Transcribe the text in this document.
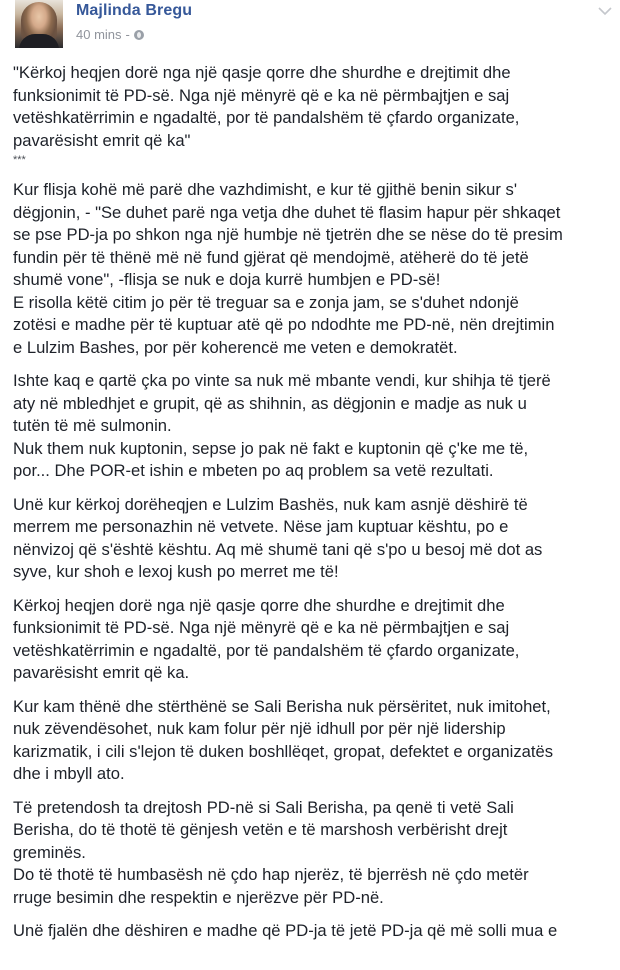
Majlinda Bregu
40 mins -
"Kërkoj heqjen dorë nga një qasje qorre dhe shurdhe e drejtimit dhe
funksionimit të PD-së. Nga një mënyrë që e ka në përmbajtjen e saj
vetëshkatërrimin e ngadaltë, por të pandalshëm të çfardo organizate,
pavarësisht emrit që ka"
***
Kur flisja kohë më parë dhe vazhdimisht, e kur të gjithë benin sikur s'
dëgjonin, - "Se duhet parë nga vetja dhe duhet të flasim hapur për shkaqet
se pse PD-ja po shkon nga një humbje në tjetrën dhe se nëse do të presim
fundin për të thënë më në fund gjërat që mendojmë, atëherë do të jetë
shumë vone", -flisja se nuk e doja kurrë humbjen e PD-së!
E risolla këtë citim jo për të treguar sa e zonja jam, se s'duhet ndonjë
zotësi e madhe për të kuptuar atë që po ndodhte me PD-në, nën drejtimin
e Lulzim Bashes, por për koherencë me veten e demokratët.
Ishte kaq e qartë çka po vinte sa nuk më mbante vendi, kur shihja të tjerë
aty në mbledhjet e grupit, që as shihnin, as dëgjonin e madje as nuk u
tutën të më sulmonin.
Nuk them nuk kuptonin, sepse jo pak në fakt e kuptonin që ç'ke me të,
por... Dhe POR-et ishin e mbeten po aq problem sa vetë rezultati.
Unë kur kërkoj dorëheqjen e Lulzim Bashës, nuk kam asnjë dëshirë të
merrem me personazhin në vetvete. Nëse jam kuptuar kështu, po e
nënvizoj që s'është kështu. Aq më shumë tani që s'po u besoj më dot as
syve, kur shoh e lexoj kush po merret me të!
Kërkoj heqjen dorë nga një qasje qorre dhe shurdhe e drejtimit dhe
funksionimit të PD-së. Nga një mënyrë që e ka në përmbajtjen e saj
vetëshkatërrimin e ngadaltë, por të pandalshëm të çfardo organizate,
pavarësisht emrit që ka.
Kur kam thënë dhe stërthënë se Sali Berisha nuk përsëritet, nuk imitohet,
nuk zëvendësohet, nuk kam folur për një idhull por për një lidership
karizmatik, i cili s'lejon të duken boshllëqet, gropat, defektet e organizatës
dhe i mbyll ato.
Të pretendosh ta drejtosh PD-në si Sali Berisha, pa qenë ti vetë Sali
Berisha, do të thotë të gënjesh vetën e të marshosh verbërisht drejt
greminës.
Do të thotë të humbasësh në çdo hap njerëz, të bjerrësh në çdo metër
rruge besimin dhe respektin e njerëzve për PD-në.
Unë fjalën dhe dëshiren e madhe që PD-ja të jetë PD-ja që më solli mua e
